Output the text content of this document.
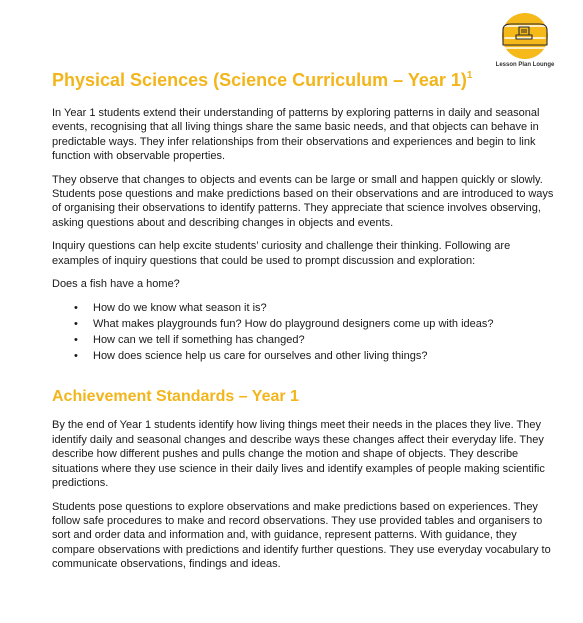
Lesson Plan Lounge
Physical Sciences (Science Curriculum – Year 1)$^1$

In Year 1 students extend their understanding of patterns by exploring patterns in daily and seasonal events, recognising that all living things share the same basic needs, and that objects can behave in predictable ways. They infer relationships from their observations and experiences and begin to link function with observable properties.

They observe that changes to objects and events can be large or small and happen quickly or slowly. Students pose questions and make predictions based on their observations and are introduced to ways of organising their observations to identify patterns. They appreciate that science involves observing, asking questions about and describing changes in objects and events.

Inquiry questions can help excite students’ curiosity and challenge their thinking. Following are examples of inquiry questions that could be used to prompt discussion and exploration:

Does a fish have a home?

• How do we know what season it is?
• What makes playgrounds fun? How do playground designers come up with ideas?
• How can we tell if something has changed?
• How does science help us care for ourselves and other living things?
Achievement Standards – Year 1

By the end of Year 1 students identify how living things meet their needs in the places they live. They identify daily and seasonal changes and describe ways these changes affect their everyday life. They describe how different pushes and pulls change the motion and shape of objects. They describe situations where they use science in their daily lives and identify examples of people making scientific predictions.

Students pose questions to explore observations and make predictions based on experiences. They follow safe procedures to make and record observations. They use provided tables and organisers to sort and order data and information and, with guidance, represent patterns. With guidance, they compare observations with predictions and identify further questions. They use everyday vocabulary to communicate observations, findings and ideas.
